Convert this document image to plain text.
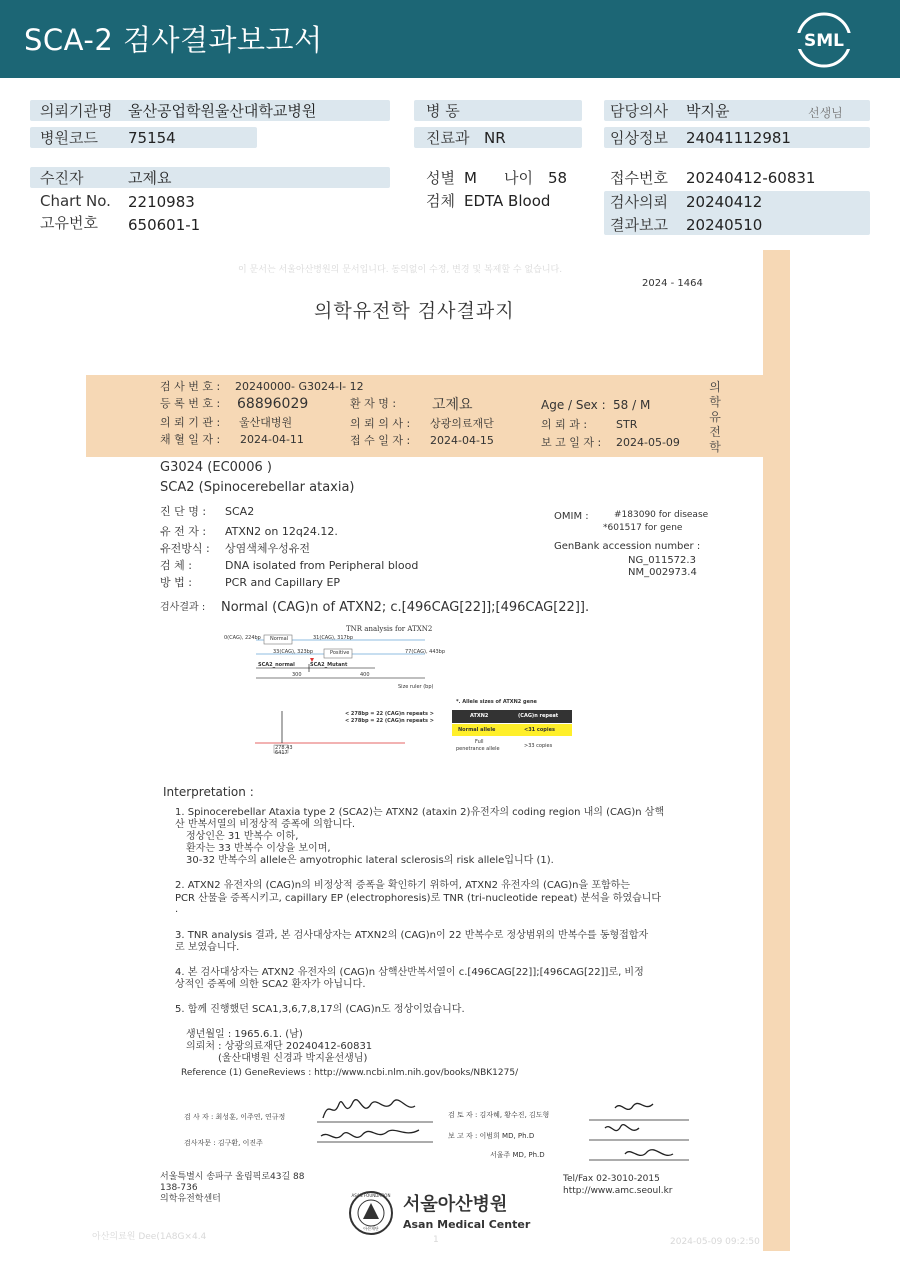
SCA-2 검사결과보고서	SML
의뢰기관명 울산공업학원울산대학교병원	병 동	담당의사 박지윤	선생님
병원코드 75154	진료과 NR	임상정보 24041112981
수진자	고제요	성별 M 나이 58	접수번호 20240412-60831
Chart No. 2210983	검체 EDTA Blood	검사의뢰 20240412
고유번호 650601-1	결과보고 20240510
이 문서는 서울아산병원의 문서입니다. 동의없이 수정, 변경 및 복제할 수 없습니다.
2024 - 1464
의학유전학 검사결과지
검 사 번 호 : 20240000- G3024-I- 12
등 록 번 호 : 68896029	환 자 명 :	고제요	Age / Sex : 58 / M
의 뢰 기 관 : 울산대병원	의 뢰 의 사 : 상광의료재단	의 뢰 과 :	STR
채 혈 일 자 : 2024-04-11	접 수 일 자 : 2024-04-15	보 고 일 자 : 2024-05-09
의학유전학
G3024 (EC0006 )
SCA2 (Spinocerebellar ataxia)
진 단 명 : SCA2
유 전 자 : ATXN2 on 12q24.12.
유전방식 : 상염색체우성유전
검 체 :	DNA isolated from Peripheral blood
방 법 :	PCR and Capillary EP
OMIM :	#183090 for disease
*601517 for gene
GenBank accession number :
NG_011572.3
NM_002973.4
검사결과 : Normal (CAG)n of ATXN2; c.[496CAG[22]];[496CAG[22]].
TNR analysis for ATXN2
0(CAG), 224bp Normal	31(CAG), 317bp
33(CAG), 323bp	Positive	77(CAG), 443bp
SCA2_normal	SCA2_Mutant
300	400
Size ruler (bp)
278.43
6417
< 278bp = 22 (CAG)n repeats >
< 278bp = 22 (CAG)n repeats >
*. Allele sizes of ATXN2 gene
ATXN2	(CAG)n repeat
Normal allele	<31 copies
Full
penetrance allele	>33 copies
Interpretation :
1. Spinocerebellar Ataxia type 2 (SCA2)는 ATXN2 (ataxin 2)유전자의 coding region 내의 (CAG)n 삼핵
산 반복서열의 비정상적 증폭에 의합니다.
정상인은 31 반복수 이하,
환자는 33 반복수 이상을 보이며,
30-32 반복수의 allele은 amyotrophic lateral sclerosis의 risk allele입니다 (1).
2. ATXN2 유전자의 (CAG)n의 비정상적 증폭을 확인하기 위하여, ATXN2 유전자의 (CAG)n을 포함하는
PCR 산물을 증폭시키고, capillary EP (electrophoresis)로 TNR (tri-nucleotide repeat) 분석을 하였습니다
.
3. TNR analysis 결과, 본 검사대상자는 ATXN2의 (CAG)n이 22 반복수로 정상범위의 반복수를 동형접합자
로 보였습니다.
4. 본 검사대상자는 ATXN2 유전자의 (CAG)n 삼핵산반복서열이 c.[496CAG[22]];[496CAG[22]]로, 비정
상적인 증폭에 의한 SCA2 환자가 아닙니다.
5. 함께 진행했던 SCA1,3,6,7,8,17의 (CAG)n도 정상이었습니다.
생년월일 : 1965.6.1. (남)
의뢰처 : 상광의료재단 20240412-60831
(울산대병원 신경과 박지윤선생님)
Reference (1) GeneReviews : http://www.ncbi.nlm.nih.gov/books/NBK1275/
검 사 자 : 최성훈, 이주연, 연규정
검사자문 : 김구환, 이진주
검 토 자 : 김자혜, 황수진, 김도형
보 고 자 : 이범희 MD, Ph.D
서울주 MD, Ph.D
서울특별시 송파구 올림픽로43길 88
138-736
의학유전학센터
Tel/Fax 02-3010-2015
http://www.amc.seoul.kr
ASAN FOUNDATION
아산재단
서울아산병원
Asan Medical Center
아산의료원 Dee(1A8G×4.4	1	2024-05-09 09:2:50
